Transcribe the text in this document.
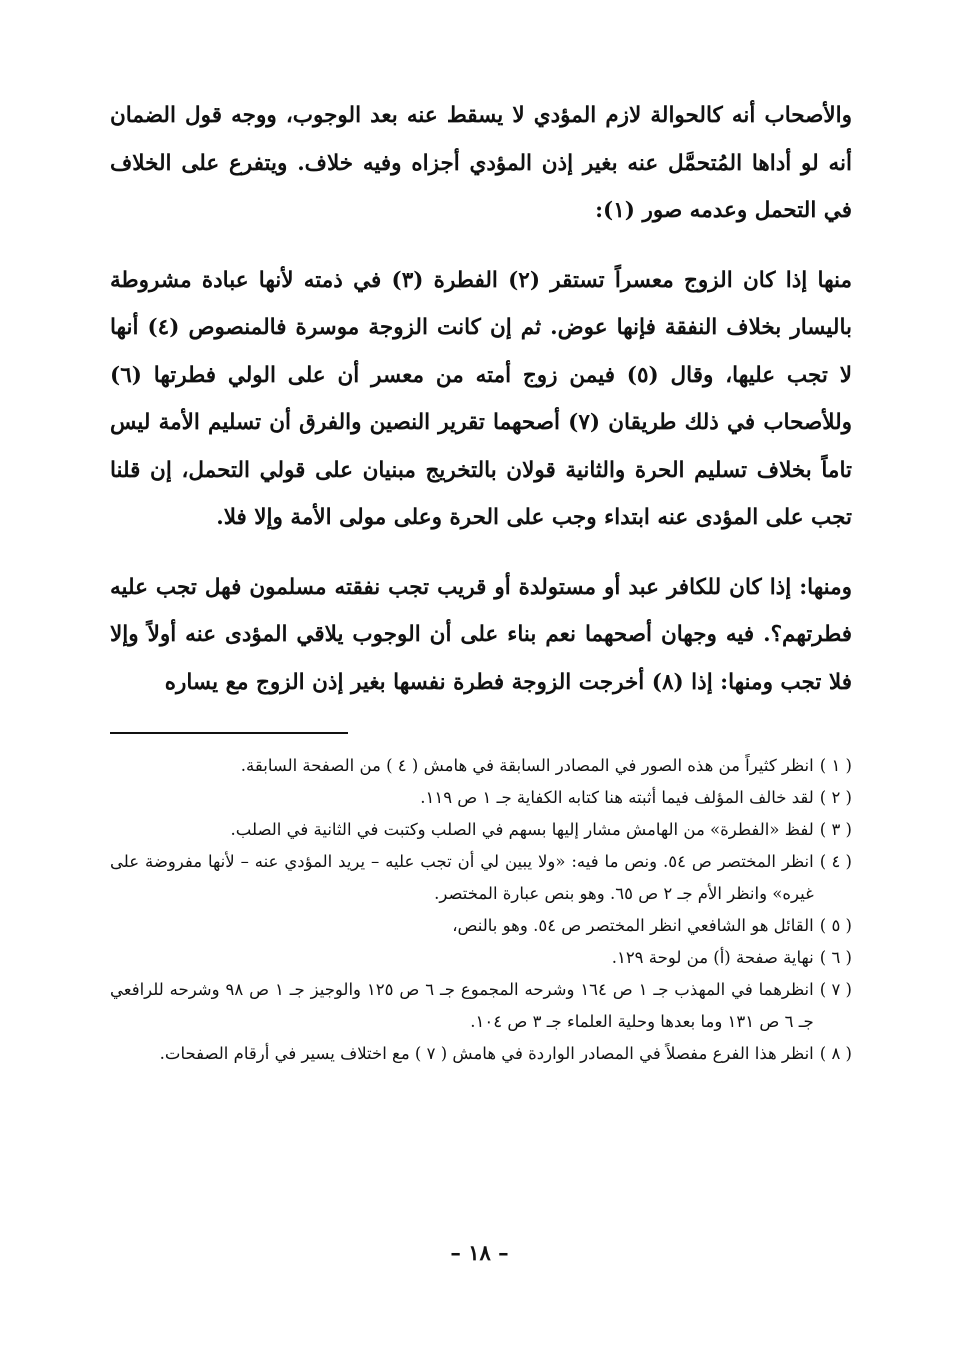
والأصحاب أنه كالحوالة لازم المؤدي لا يسقط عنه بعد الوجوب، ووجه قول الضمان أنه لو أداها المُتحمَّل عنه بغير إذن المؤدي أجزاه وفيه خلاف. ويتفرع على الخلاف في التحمل وعدمه صور (١):

منها إذا كان الزوج معسراً تستقر (٢) الفطرة (٣) في ذمته لأنها عبادة مشروطة باليسار بخلاف النفقة فإنها عوض. ثم إن كانت الزوجة موسرة فالمنصوص (٤) أنها لا تجب عليها، وقال (٥) فيمن زوج أمته من معسر أن على الولي فطرتها (٦) وللأصحاب في ذلك طريقان (٧) أصحهما تقرير النصين والفرق أن تسليم الأمة ليس تاماً بخلاف تسليم الحرة والثانية قولان بالتخريج مبنيان على قولي التحمل، إن قلنا تجب على المؤدى عنه ابتداء وجب على الحرة وعلى مولى الأمة وإلا فلا.

ومنها: إذا كان للكافر عبد أو مستولدة أو قريب تجب نفقته مسلمون فهل تجب عليه فطرتهم؟. فيه وجهان أصحهما نعم بناء على أن الوجوب يلاقي المؤدى عنه أولاً وإلا فلا تجب ومنها: إذا (٨) أخرجت الزوجة فطرة نفسها بغير إذن الزوج مع يساره

( ١ )
انظر كثيراً من هذه الصور في المصادر السابقة في هامش ( ٤ ) من الصفحة السابقة.
( ٢ )
لقد خالف المؤلف فيما أثبته هنا كتابه الكفاية جـ ١ ص ١١٩.
( ٣ )
لفظ «الفطرة» من الهامش مشار إليها بسهم في الصلب وكتبت في الثانية في الصلب.
( ٤ )
انظر المختصر ص ٥٤. ونص ما فيه: «ولا يبين لي أن تجب عليه – يريد المؤدي عنه – لأنها مفروضة على غيره» وانظر الأم جـ ٢ ص ٦٥. وهو بنص عبارة المختصر.
( ٥ )
القائل هو الشافعي انظر المختصر ص ٥٤. وهو بالنص،
( ٦ )
نهاية صفحة (أ) من لوحة ١٢٩.
( ٧ )
انظرهما في المهذب جـ ١ ص ١٦٤ وشرحه المجموع جـ ٦ ص ١٢٥ والوجيز جـ ١ ص ٩٨ وشرحه للرافعي جـ ٦ ص ١٣١ وما بعدها وحلية العلماء جـ ٣ ص ١٠٤.
( ٨ )
انظر هذا الفرع مفصلاً في المصادر الواردة في هامش ( ٧ ) مع اختلاف يسير في أرقام الصفحات.
– ١٨ –
